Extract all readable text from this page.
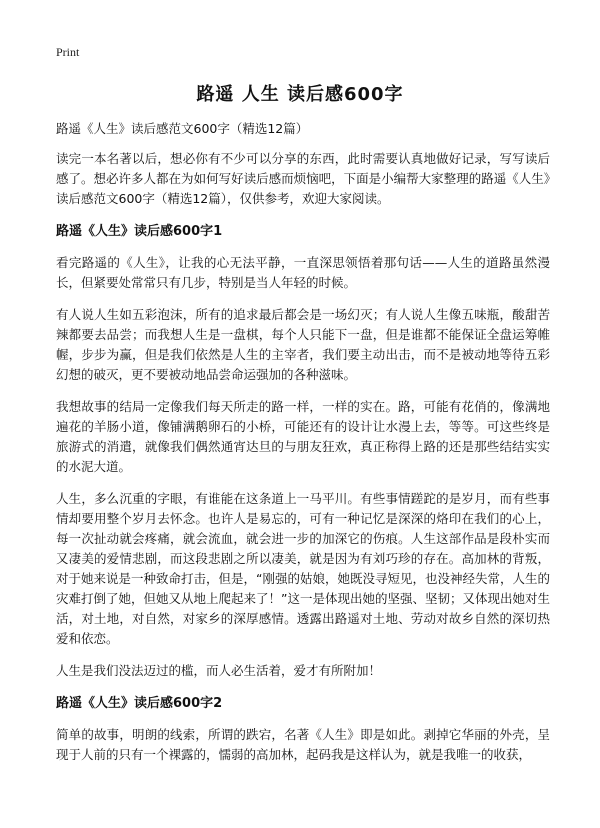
Print
路遥 人生 读后感600字
路遥《人生》读后感范文600字（精选12篇）

读完一本名著以后，想必你有不少可以分享的东西，此时需要认真地做好记录，写写读后感了。想必许多人都在为如何写好读后感而烦恼吧，下面是小编帮大家整理的路遥《人生》读后感范文600字（精选12篇），仅供参考，欢迎大家阅读。

路遥《人生》读后感600字1

看完路遥的《人生》，让我的心无法平静，一直深思领悟着那句话——人生的道路虽然漫长，但紧要处常常只有几步，特别是当人年轻的时候。

有人说人生如五彩泡沫，所有的追求最后都会是一场幻灭；有人说人生像五味瓶，酸甜苦辣都要去品尝；而我想人生是一盘棋，每个人只能下一盘，但是谁都不能保证全盘运筹帷幄，步步为赢，但是我们依然是人生的主宰者，我们要主动出击，而不是被动地等待五彩幻想的破灭，更不要被动地品尝命运强加的各种滋味。

我想故事的结局一定像我们每天所走的路一样，一样的实在。路，可能有花俏的，像满地遍花的羊肠小道，像铺满鹅卵石的小桥，可能还有的设计让水漫上去，等等。可这些终是旅游式的消遣，就像我们偶然通宵达旦的与朋友狂欢，真正称得上路的还是那些结结实实的水泥大道。

人生，多么沉重的字眼，有谁能在这条道上一马平川。有些事情蹉跎的是岁月，而有些事情却要用整个岁月去怀念。也许人是易忘的，可有一种记忆是深深的烙印在我们的心上，每一次扯动就会疼痛，就会流血，就会进一步的加深它的伤痕。人生这部作品是段朴实而又凄美的爱情悲剧，而这段悲剧之所以凄美，就是因为有刘巧珍的存在。高加林的背叛，对于她来说是一种致命打击，但是，“刚强的姑娘，她既没寻短见，也没神经失常，人生的灾难打倒了她，但她又从地上爬起来了！”这一是体现出她的坚强、坚韧；又体现出她对生活，对土地，对自然，对家乡的深厚感情。透露出路遥对土地、劳动对故乡自然的深切热爱和依恋。

人生是我们没法迈过的槛，而人必生活着，爱才有所附加！

路遥《人生》读后感600字2

简单的故事，明朗的线索，所谓的跌宕，名著《人生》即是如此。剥掉它华丽的外壳，呈现于人前的只有一个裸露的，懦弱的高加林，起码我是这样认为，就是我唯一的收获，
